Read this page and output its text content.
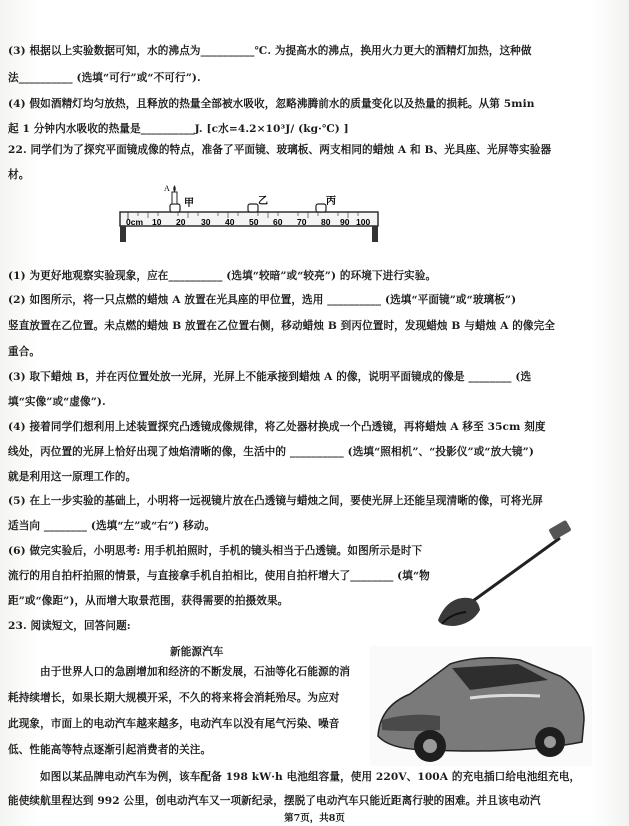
(3) 根据以上实验数据可知，水的沸点为__________℃. 为提高水的沸点，换用火力更大的酒精灯加热，这种做
法__________ (选填“可行”或“不可行”).
(4) 假如酒精灯均匀放热，且释放的热量全部被水吸收，忽略沸腾前水的质量变化以及热量的损耗。从第 5min
起 1 分钟内水吸收的热量是__________J. [c水=4.2×10³J/ (kg·℃) ]
22. 同学们为了探究平面镜成像的特点，准备了平面镜、玻璃板、两支相同的蜡烛 A 和 B、光具座、光屏等实验器
材。
A
甲	乙	丙
0cm 10 20 30 40 50 60 70 80 90 100
(1) 为更好地观察实验现象，应在__________ (选填“较暗”或“较亮”) 的环境下进行实验。
(2) 如图所示，将一只点燃的蜡烛 A 放置在光具座的甲位置，选用 __________ (选填“平面镜”或“玻璃板”)
竖直放置在乙位置。未点燃的蜡烛 B 放置在乙位置右侧，移动蜡烛 B 到丙位置时，发现蜡烛 B 与蜡烛 A 的像完全
重合。
(3) 取下蜡烛 B，并在丙位置处放一光屏，光屏上不能承接到蜡烛 A 的像，说明平面镜成的像是 ________ (选
填“实像”或“虚像”).
(4) 接着同学们想利用上述装置探究凸透镜成像规律，将乙处器材换成一个凸透镜，再将蜡烛 A 移至 35cm 刻度
线处，丙位置的光屏上恰好出现了烛焰清晰的像，生活中的 __________ (选填“照相机”、“投影仪”或“放大镜”)
就是利用这一原理工作的。
(5) 在上一步实验的基础上，小明将一远视镜片放在凸透镜与蜡烛之间，要使光屏上还能呈现清晰的像，可将光屏
适当向 ________ (选填“左”或“右”) 移动。
(6) 做完实验后，小明思考: 用手机拍照时，手机的镜头相当于凸透镜。如图所示是时下
流行的用自拍杆拍照的情景，与直接拿手机自拍相比，使用自拍杆增大了________ (填“物
距”或“像距”)，从而增大取景范围，获得需要的拍摄效果。
23. 阅读短文，回答问题:
新能源汽车
由于世界人口的急剧增加和经济的不断发展，石油等化石能源的消
耗持续增长，如果长期大规模开采，不久的将来将会消耗殆尽。为应对
此现象，市面上的电动汽车越来越多，电动汽车以没有尾气污染、噪音
低、性能高等特点逐渐引起消费者的关注。
如图以某品牌电动汽车为例，该车配备 198 kW·h 电池组容量，使用 220V、100A 的充电插口给电池组充电，
能使续航里程达到 992 公里，创电动汽车又一项新纪录，摆脱了电动汽车只能近距离行驶的困难。并且该电动汽
第7页，共8页
